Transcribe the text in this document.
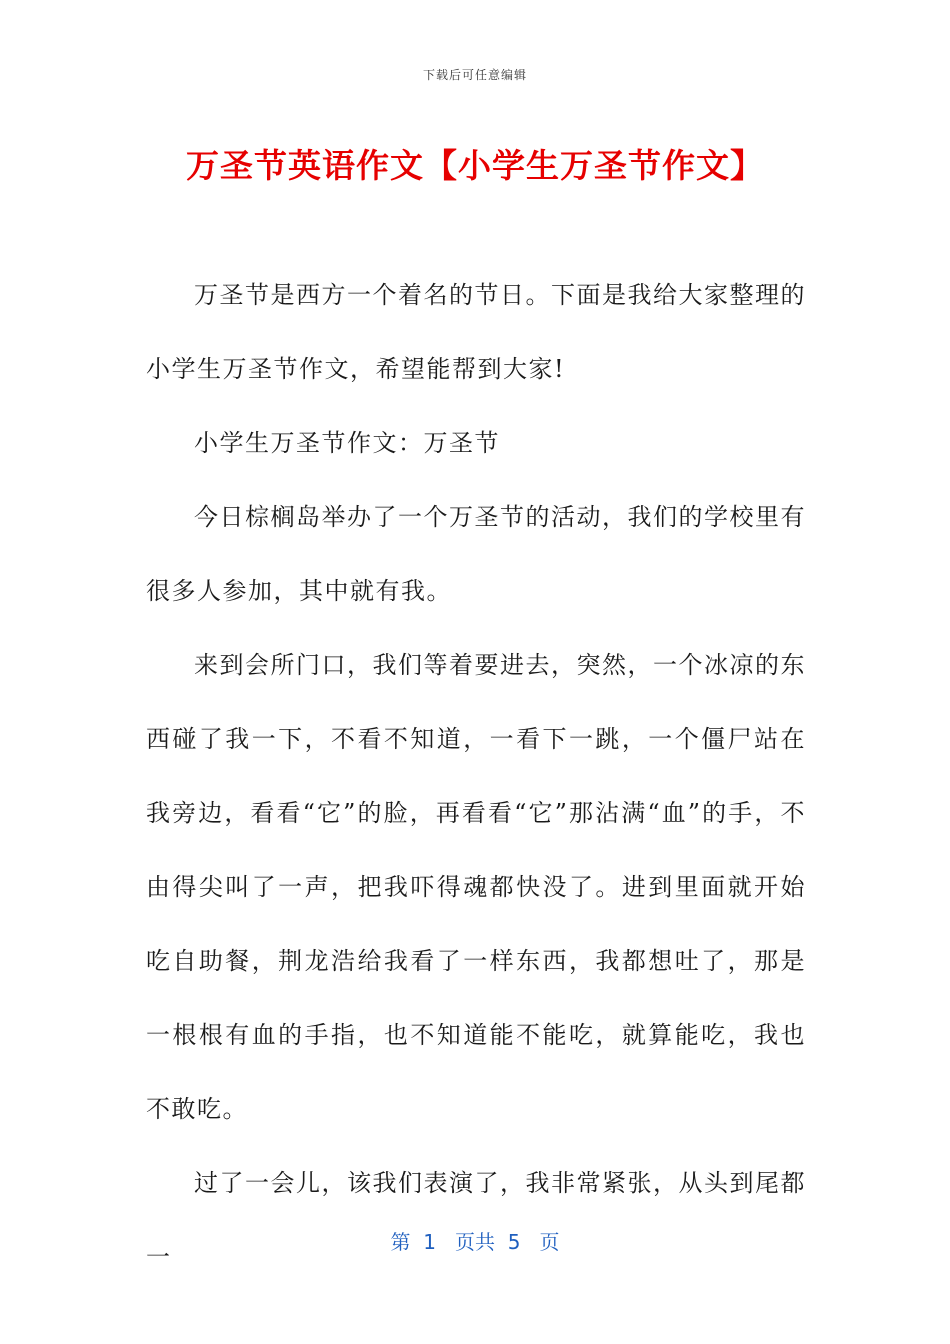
下载后可任意编辑
万圣节英语作文【小学生万圣节作文】

万圣节是西方一个着名的节日。下面是我给大家整理的小学生万圣节作文，希望能帮到大家!

小学生万圣节作文：万圣节

今日棕榈岛举办了一个万圣节的活动，我们的学校里有很多人参加，其中就有我。

来到会所门口，我们等着要进去，突然，一个冰凉的东西碰了我一下，不看不知道，一看下一跳，一个僵尸站在我旁边，看看“它”的脸，再看看“它”那沾满“血”的手，不由得尖叫了一声，把我吓得魂都快没了。进到里面就开始吃自助餐，荆龙浩给我看了一样东西，我都想吐了，那是一根根有血的手指，也不知道能不能吃，就算能吃，我也不敢吃。

过了一会儿，该我们表演了，我非常紧张，从头到尾都一

第  1   页共  5   页
